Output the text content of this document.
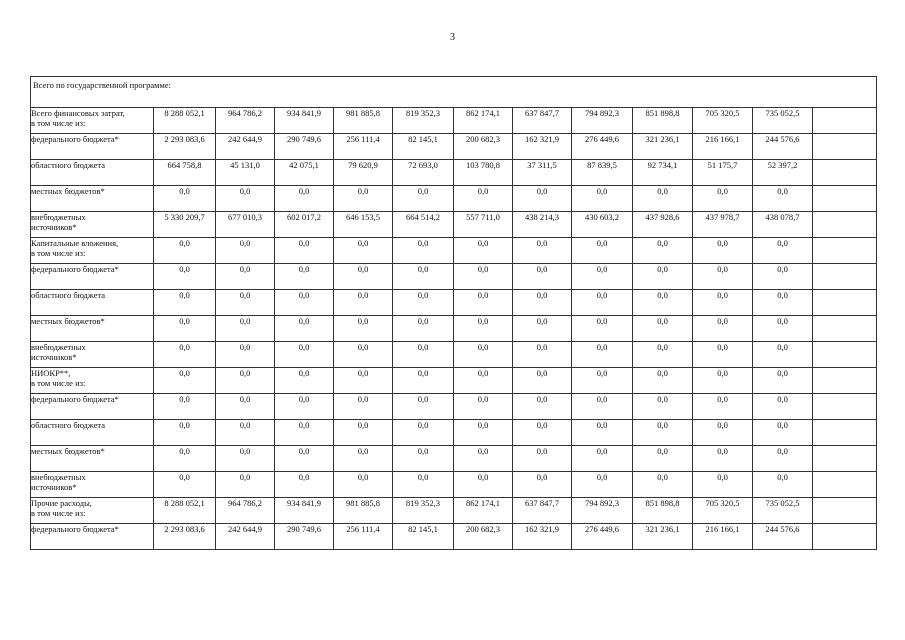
3
Всего по государственной программе:												

Всего финансовых затрат,
в том числе из:	8 288 052,1	964 786,2	934 841,9	981 885,8	819 352,3	862 174,1	637 847,7	794 892,3	851 898,8	705 320,5	735 052,5	

федерального бюджета*	2 293 083,6	242 644,9	290 749,6	256 111,4	82 145,1	200 682,3	162 321,9	276 449,6	321 236,1	216 166,1	244 576,6	

областного бюджета	664 758,8	45 131,0	42 075,1	79 620,9	72 693,0	103 780,8	37 311,5	87 839,5	92 734,1	51 175,7	52 397,2	

местных бюджетов*	0,0	0,0	0,0	0,0	0,0	0,0	0,0	0,0	0,0	0,0	0,0	

внебюджетных
источников*	5 330 209,7	677 010,3	602 017,2	646 153,5	664 514,2	557 711,0	438 214,3	430 603,2	437 928,6	437 978,7	438 078,7	

Капитальные вложения,
в том числе из:	0,0	0,0	0,0	0,0	0,0	0,0	0,0	0,0	0,0	0,0	0,0	

федерального бюджета*	0,0	0,0	0,0	0,0	0,0	0,0	0,0	0,0	0,0	0,0	0,0	

областного бюджета	0,0	0,0	0,0	0,0	0,0	0,0	0,0	0,0	0,0	0,0	0,0	

местных бюджетов*	0,0	0,0	0,0	0,0	0,0	0,0	0,0	0,0	0,0	0,0	0,0	

внебюджетных
источников*	0,0	0,0	0,0	0,0	0,0	0,0	0,0	0,0	0,0	0,0	0,0	

НИОКР**,
в том числе из:	0,0	0,0	0,0	0,0	0,0	0,0	0,0	0,0	0,0	0,0	0,0	

федерального бюджета*	0,0	0,0	0,0	0,0	0,0	0,0	0,0	0,0	0,0	0,0	0,0	

областного бюджета	0,0	0,0	0,0	0,0	0,0	0,0	0,0	0,0	0,0	0,0	0,0	

местных бюджетов*	0,0	0,0	0,0	0,0	0,0	0,0	0,0	0,0	0,0	0,0	0,0	

внебюджетных
источников*	0,0	0,0	0,0	0,0	0,0	0,0	0,0	0,0	0,0	0,0	0,0	

Прочие расходы,
в том числе из:	8 288 052,1	964 786,2	934 841,9	981 885,8	819 352,3	862 174,1	637 847,7	794 892,3	851 898,8	705 320,5	735 052,5	

федерального бюджета*	2 293 083,6	242 644,9	290 749,6	256 111,4	82 145,1	200 682,3	162 321,9	276 449,6	321 236,1	216 166,1	244 576,6	
